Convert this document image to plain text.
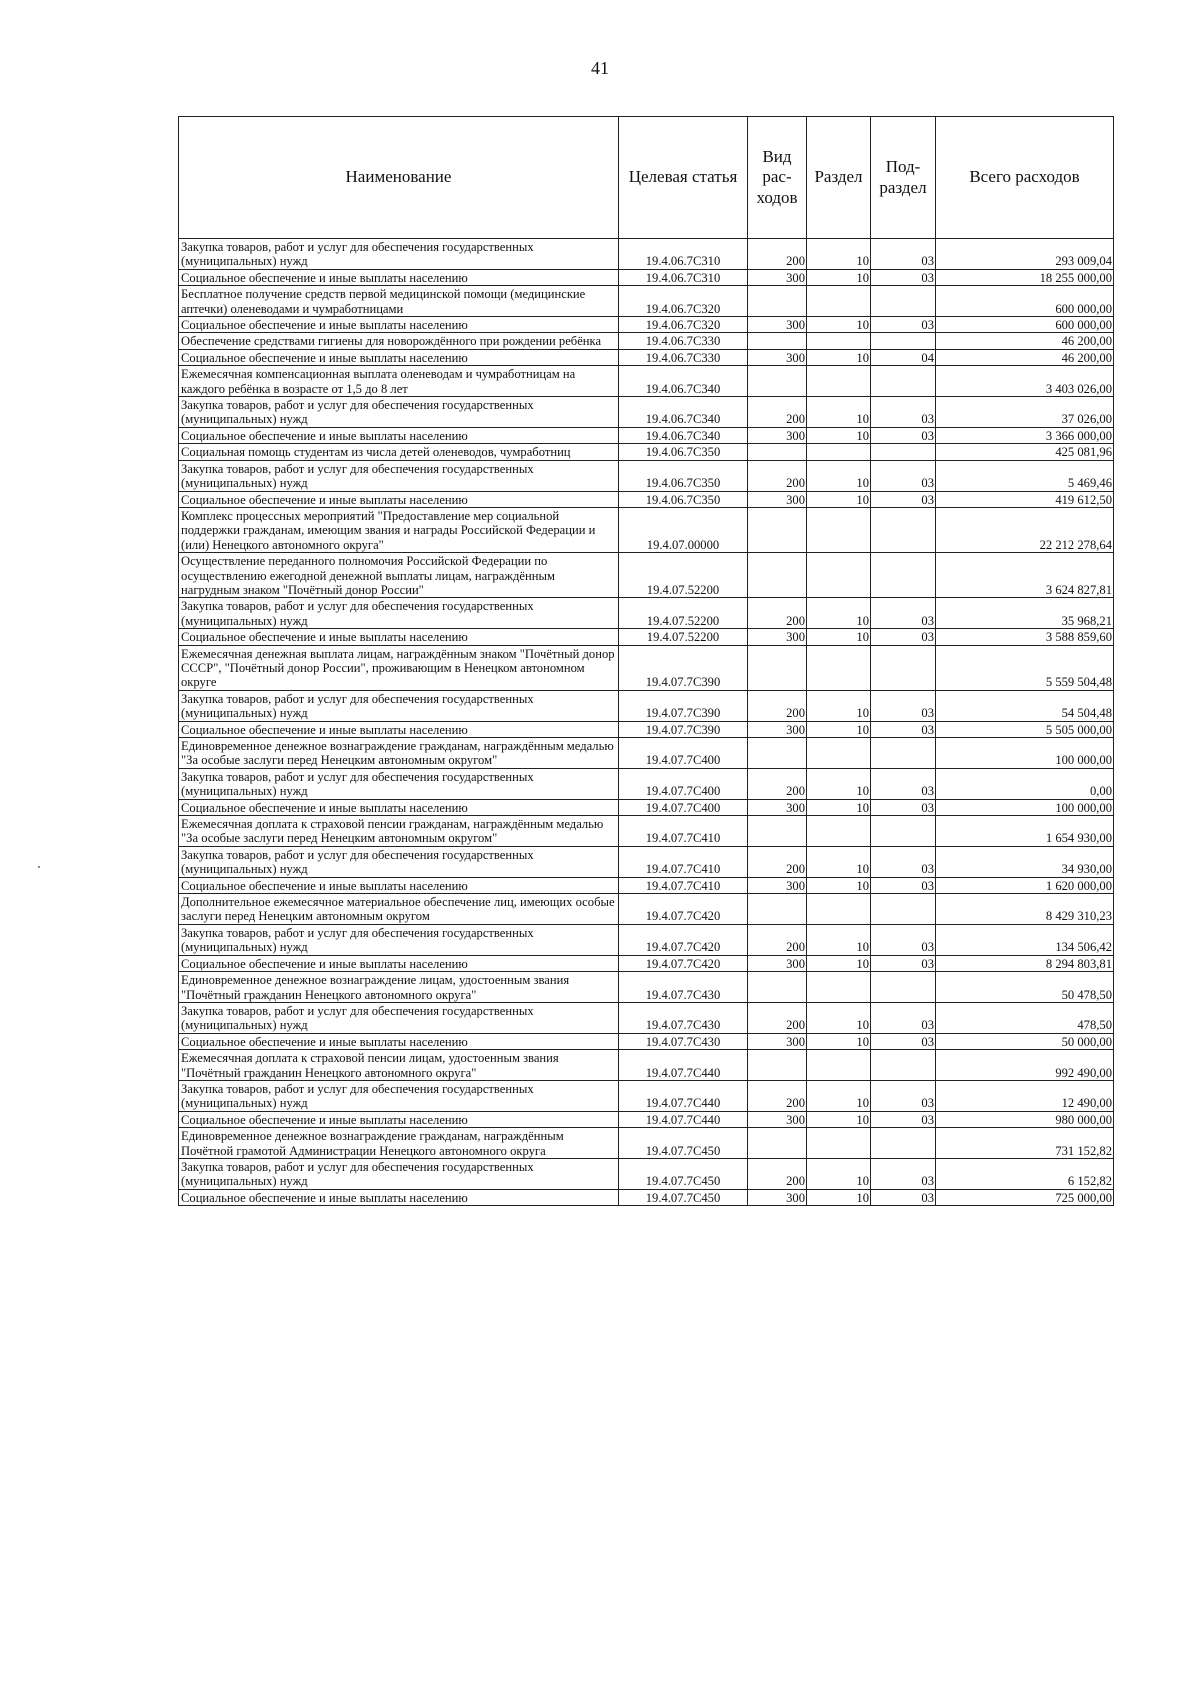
41
Наименование	Целевая статья	Вид рас- ходов	Раздел	Под- раздел	Всего расходов
Закупка товаров, работ и услуг для обеспечения государственных (муниципальных) нужд	19.4.06.7С310	200	10	03	293 009,04
Социальное обеспечение и иные выплаты населению	19.4.06.7С310	300	10	03	18 255 000,00
Бесплатное получение средств первой медицинской помощи (медицинские аптечки) оленеводами и чумработницами	19.4.06.7С320				600 000,00
Социальное обеспечение и иные выплаты населению	19.4.06.7С320	300	10	03	600 000,00
Обеспечение средствами гигиены для новорождённого при рождении ребёнка	19.4.06.7С330				46 200,00
Социальное обеспечение и иные выплаты населению	19.4.06.7С330	300	10	04	46 200,00
Ежемесячная компенсационная выплата оленеводам и чумработницам на каждого ребёнка в возрасте от 1,5 до 8 лет	19.4.06.7С340				3 403 026,00
Закупка товаров, работ и услуг для обеспечения государственных (муниципальных) нужд	19.4.06.7С340	200	10	03	37 026,00
Социальное обеспечение и иные выплаты населению	19.4.06.7С340	300	10	03	3 366 000,00
Социальная помощь студентам из числа детей оленеводов, чумработниц	19.4.06.7С350				425 081,96
Закупка товаров, работ и услуг для обеспечения государственных (муниципальных) нужд	19.4.06.7С350	200	10	03	5 469,46
Социальное обеспечение и иные выплаты населению	19.4.06.7С350	300	10	03	419 612,50
Комплекс процессных мероприятий "Предоставление мер социальной поддержки гражданам, имеющим звания и награды Российской Федерации и (или) Ненецкого автономного округа"	19.4.07.00000				22 212 278,64
Осуществление переданного полномочия Российской Федерации по осуществлению ежегодной денежной выплаты лицам, награждённым нагрудным знаком "Почётный донор России"	19.4.07.52200				3 624 827,81
Закупка товаров, работ и услуг для обеспечения государственных (муниципальных) нужд	19.4.07.52200	200	10	03	35 968,21
Социальное обеспечение и иные выплаты населению	19.4.07.52200	300	10	03	3 588 859,60
Ежемесячная денежная выплата лицам, награждённым знаком "Почётный донор СССР", "Почётный донор России", проживающим в Ненецком автономном округе	19.4.07.7С390				5 559 504,48
Закупка товаров, работ и услуг для обеспечения государственных (муниципальных) нужд	19.4.07.7С390	200	10	03	54 504,48
Социальное обеспечение и иные выплаты населению	19.4.07.7С390	300	10	03	5 505 000,00
Единовременное денежное вознаграждение гражданам, награждённым медалью "За особые заслуги перед Ненецким автономным округом"	19.4.07.7С400				100 000,00
Закупка товаров, работ и услуг для обеспечения государственных (муниципальных) нужд	19.4.07.7С400	200	10	03	0,00
Социальное обеспечение и иные выплаты населению	19.4.07.7С400	300	10	03	100 000,00
Ежемесячная доплата к страховой пенсии гражданам, награждённым медалью "За особые заслуги перед Ненецким автономным округом"	19.4.07.7С410				1 654 930,00
Закупка товаров, работ и услуг для обеспечения государственных (муниципальных) нужд	19.4.07.7С410	200	10	03	34 930,00
Социальное обеспечение и иные выплаты населению	19.4.07.7С410	300	10	03	1 620 000,00
Дополнительное ежемесячное материальное обеспечение лиц, имеющих особые заслуги перед Ненецким автономным округом	19.4.07.7С420				8 429 310,23
Закупка товаров, работ и услуг для обеспечения государственных (муниципальных) нужд	19.4.07.7С420	200	10	03	134 506,42
Социальное обеспечение и иные выплаты населению	19.4.07.7С420	300	10	03	8 294 803,81
Единовременное денежное вознаграждение лицам, удостоенным звания "Почётный гражданин Ненецкого автономного округа"	19.4.07.7С430				50 478,50
Закупка товаров, работ и услуг для обеспечения государственных (муниципальных) нужд	19.4.07.7С430	200	10	03	478,50
Социальное обеспечение и иные выплаты населению	19.4.07.7С430	300	10	03	50 000,00
Ежемесячная доплата к страховой пенсии лицам, удостоенным звания "Почётный гражданин Ненецкого автономного округа"	19.4.07.7С440				992 490,00
Закупка товаров, работ и услуг для обеспечения государственных (муниципальных) нужд	19.4.07.7С440	200	10	03	12 490,00
Социальное обеспечение и иные выплаты населению	19.4.07.7С440	300	10	03	980 000,00
Единовременное денежное вознаграждение гражданам, награждённым Почётной грамотой Администрации Ненецкого автономного округа	19.4.07.7С450				731 152,82
Закупка товаров, работ и услуг для обеспечения государственных (муниципальных) нужд	19.4.07.7С450	200	10	03	6 152,82
Социальное обеспечение и иные выплаты населению	19.4.07.7С450	300	10	03	725 000,00
